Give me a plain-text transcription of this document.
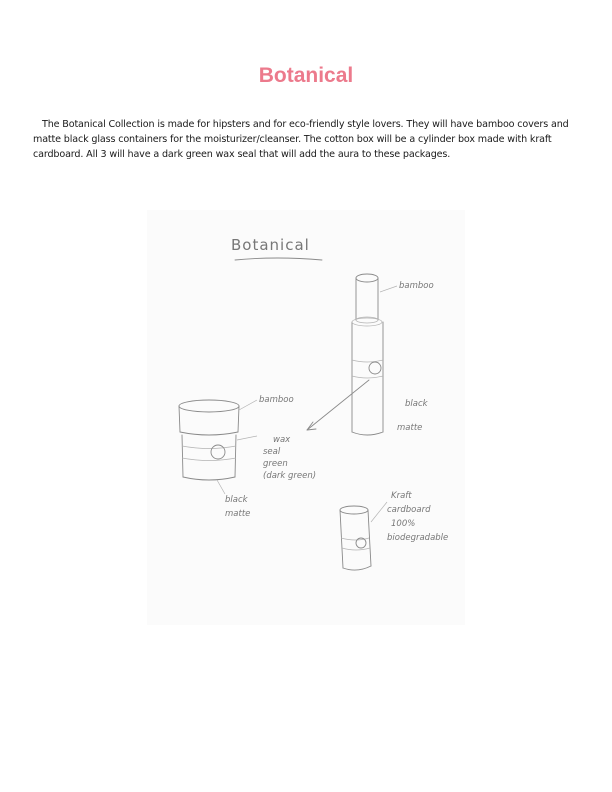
Botanical
The Botanical Collection is made for hipsters and for eco-friendly style lovers. They will have bamboo covers and matte black glass containers for the moisturizer/cleanser. The cotton box will be a cylinder box made with kraft cardboard. All 3 will have a dark green wax seal that will add the aura to these packages.
Botanical
bamboo
black
matte
bamboo
wax
seal
green
(dark green)
black
matte
Kraft
cardboard
100%
biodegradable
